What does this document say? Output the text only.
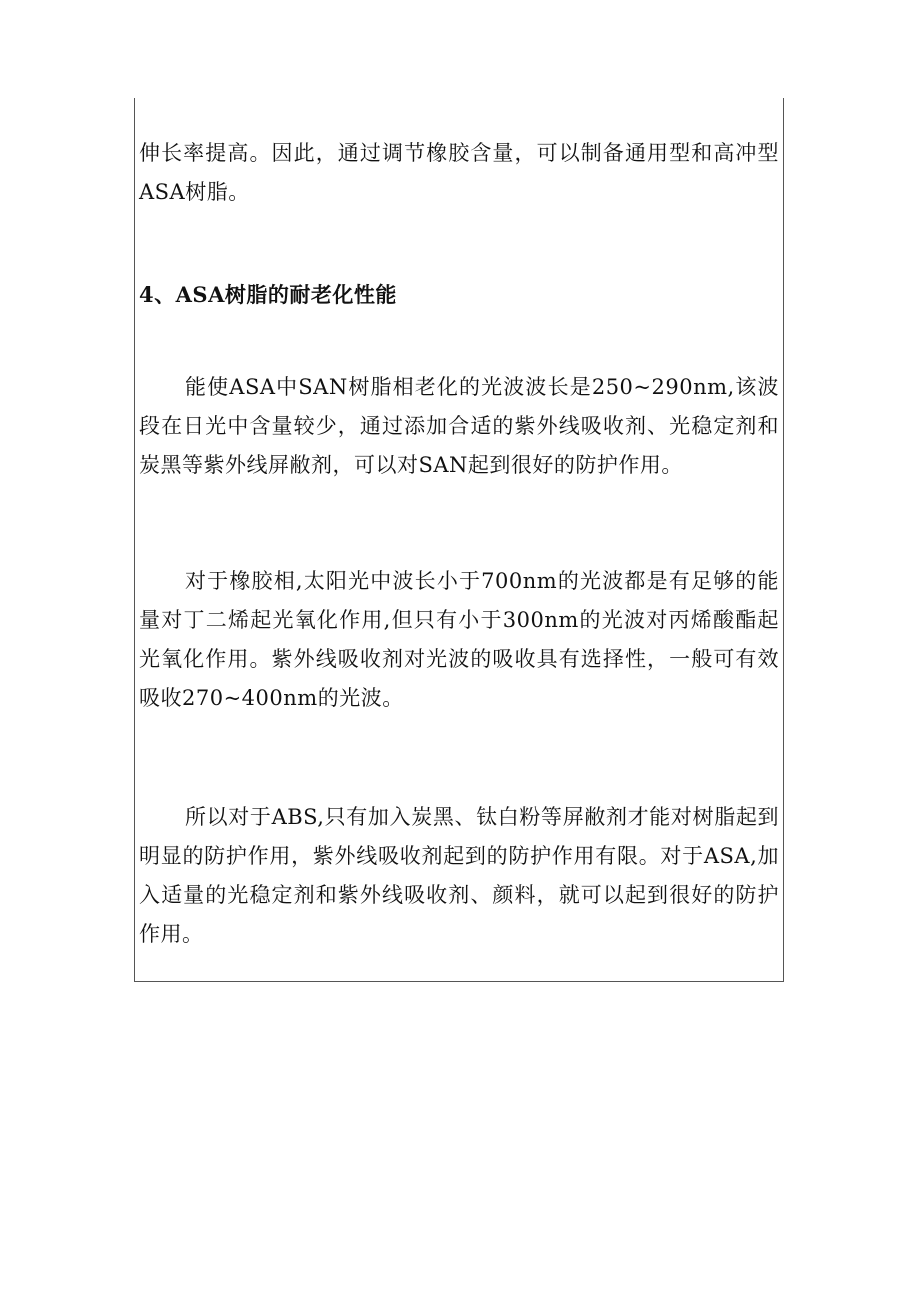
伸长率提高。因此，通过调节橡胶含量，可以制备通用型和高冲型ASA树脂。

4、ASA树脂的耐老化性能

能使ASA中SAN树脂相老化的光波波长是250~290nm,该波段在日光中含量较少，通过添加合适的紫外线吸收剂、光稳定剂和炭黑等紫外线屏敝剂，可以对SAN起到很好的防护作用。

对于橡胶相,太阳光中波长小于700nm的光波都是有足够的能量对丁二烯起光氧化作用,但只有小于300nm的光波对丙烯酸酯起光氧化作用。紫外线吸收剂对光波的吸收具有选择性，一般可有效吸收270~400nm的光波。

所以对于ABS,只有加入炭黑、钛白粉等屏敝剂才能对树脂起到明显的防护作用，紫外线吸收剂起到的防护作用有限。对于ASA,加入适量的光稳定剂和紫外线吸收剂、颜料，就可以起到很好的防护作用。
